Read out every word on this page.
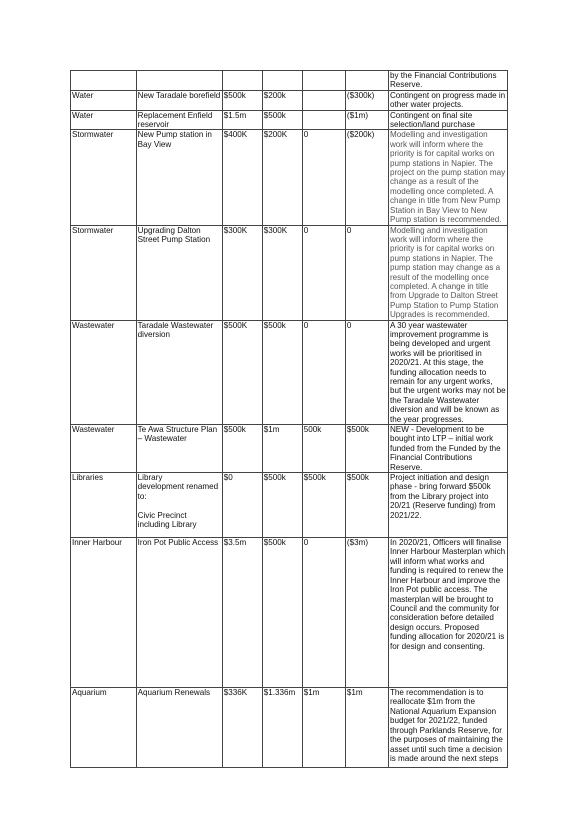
						by the Financial Contributions Reserve.
Water	New Taradale borefield	$500k	$200k		($300k)	Contingent on progress made in other water projects.
Water	Replacement Enfield reservoir	$1.5m	$500k		($1m)	Contingent on final site selection/land purchase
Stormwater	New Pump station in Bay View	$400K	$200K	0	($200k)	Modelling and investigation work will inform where the priority is for capital works on pump stations in Napier. The project on the pump station may change as a result of the modelling once completed. A change in title from New Pump Station in Bay View to New Pump station is recommended.
Stormwater	Upgrading Dalton Street Pump Station	$300K	$300K	0	0	Modelling and investigation work will inform where the priority is for capital works on pump stations in Napier. The pump station may change as a result of the modelling once completed. A change in title from Upgrade to Dalton Street Pump Station to Pump Station Upgrades is recommended.
Wastewater	Taradale Wastewater diversion	$500K	$500k	0	0	A 30 year wastewater improvement programme is being developed and urgent works will be prioritised in 2020/21. At this stage, the funding allocation needs to remain for any urgent works, but the urgent works may not be the Taradale Wastewater diversion and will be known as the year progresses.
Wastewater	Te Awa Structure Plan – Wastewater	$500k	$1m	500k	$500k	NEW - Development to be bought into LTP – initial work funded from the Funded by the Financial Contributions Reserve.
Libraries	Library
development renamed to:

Civic Precinct including Library	$0	$500k	$500k	$500k	Project initiation and design phase - bring forward $500k from the Library project into 20/21 (Reserve funding) from 2021/22.
Inner Harbour	Iron Pot Public Access	$3.5m	$500k	0	($3m)	In 2020/21, Officers will finalise Inner Harbour Masterplan which will inform what works and funding is required to renew the Inner Harbour and improve the Iron Pot public access. The masterplan will be brought to Council and the community for consideration before detailed design occurs. Proposed funding allocation for 2020/21 is for design and consenting.
Aquarium	Aquarium Renewals	$336K	$1.336m	$1m	$1m	The recommendation is to reallocate $1m from the National Aquarium Expansion budget for 2021/22, funded through Parklands Reserve, for the purposes of maintaining the asset until such time a decision is made around the next steps
